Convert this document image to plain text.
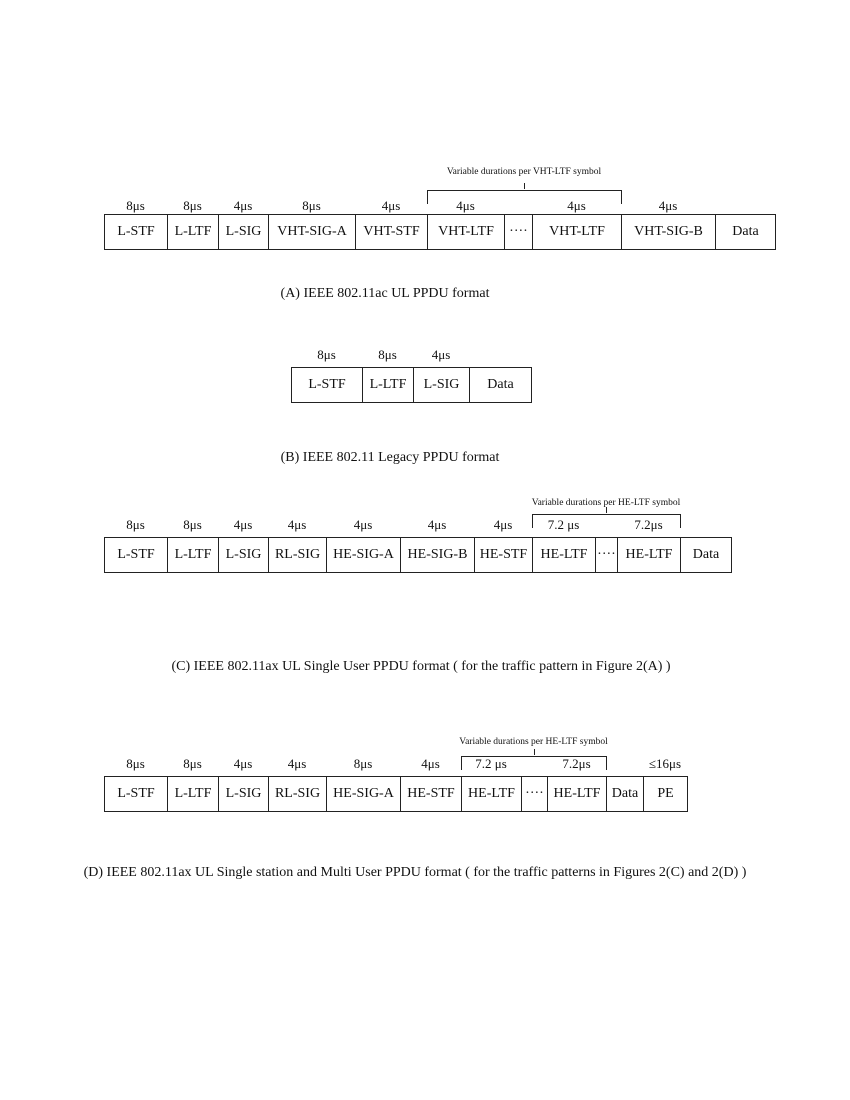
L-STF
8μs
L-LTF
8μs
L-SIG
4μs
VHT-SIG-A
8μs
VHT-STF
4μs
VHT-LTF
4μs
····	VHT-LTF
4μs
VHT-SIG-B
4μs
Data
Variable durations per VHT-LTF symbol
(A) IEEE 802.11ac UL PPDU format
L-STF
8μs
L-LTF
8μs
L-SIG
4μs
Data
(B) IEEE 802.11 Legacy PPDU format
L-STF
8μs
L-LTF
8μs
L-SIG
4μs
RL-SIG
4μs
HE-SIG-A
4μs
HE-SIG-B
4μs
HE-STF
4μs
HE-LTF
7.2 μs
···· HE-LTF
7.2μs
Data
Variable durations per HE-LTF symbol
(C) IEEE 802.11ax UL Single User PPDU format ( for the traffic pattern in Figure 2(A) )
L-STF
8μs
L-LTF
8μs
L-SIG
4μs
RL-SIG
4μs
HE-SIG-A
8μs
HE-STF
4μs
HE-LTF
7.2 μs
···· HE-LTF
7.2μs
Data	PE
≤16μs
Variable durations per HE-LTF symbol
(D) IEEE 802.11ax UL Single station and Multi User PPDU format ( for the traffic patterns in Figures 2(C) and 2(D) )
